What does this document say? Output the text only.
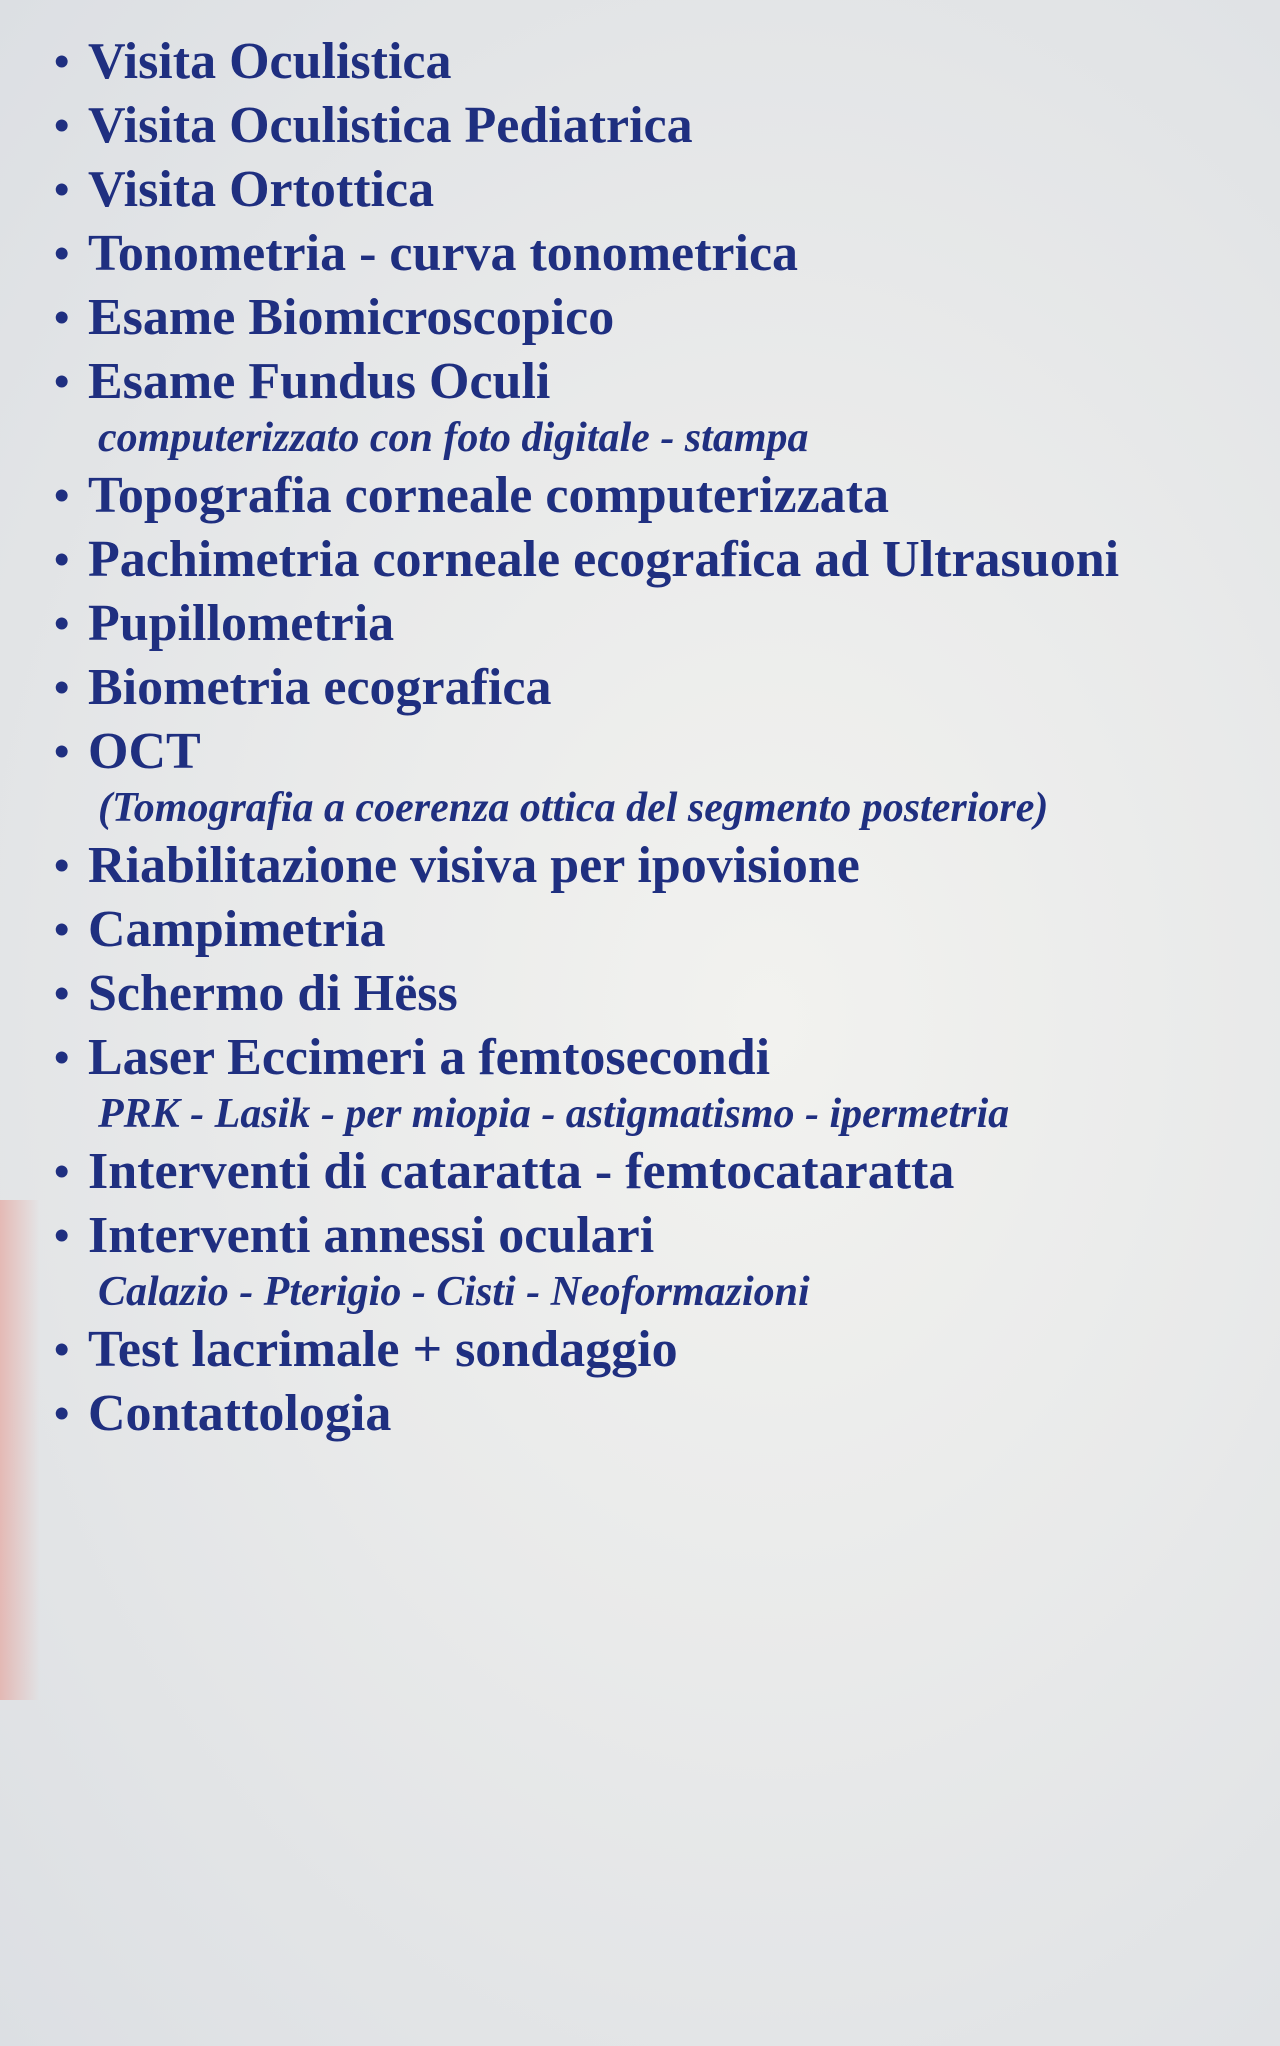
• Visita Oculistica
• Visita Oculistica Pediatrica
• Visita Ortottica
• Tonometria - curva tonometrica
• Esame Biomicroscopico
• Esame Fundus Oculi
computerizzato con foto digitale - stampa
• Topografia corneale computerizzata
• Pachimetria corneale ecografica ad Ultrasuoni
• Pupillometria
• Biometria ecografica
• OCT
(Tomografia a coerenza ottica del segmento posteriore)
• Riabilitazione visiva per ipovisione
• Campimetria
• Schermo di Hëss
• Laser Eccimeri a femtosecondi
PRK - Lasik - per miopia - astigmatismo - ipermetria
• Interventi di cataratta - femtocataratta
• Interventi annessi oculari
Calazio - Pterigio - Cisti - Neoformazioni
• Test lacrimale + sondaggio
• Contattologia
